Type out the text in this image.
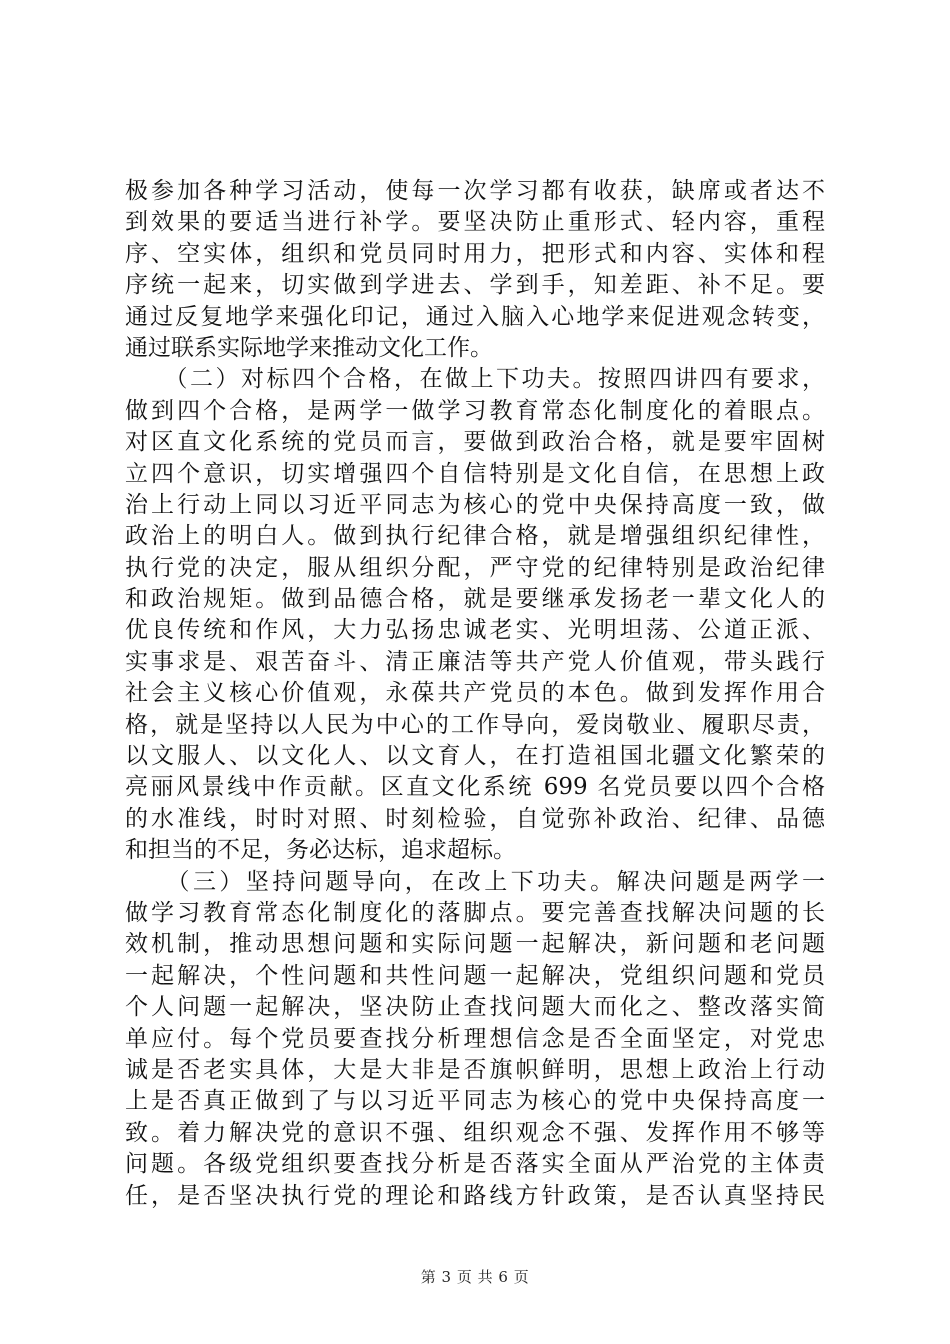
极参加各种学习活动，使每一次学习都有收获，缺席或者达不
到效果的要适当进行补学。要坚决防止重形式、轻内容，重程
序、空实体，组织和党员同时用力，把形式和内容、实体和程
序统一起来，切实做到学进去、学到手，知差距、补不足。要
通过反复地学来强化印记，通过入脑入心地学来促进观念转变，
通过联系实际地学来推动文化工作。
　　（二）对标四个合格，在做上下功夫。按照四讲四有要求，
做到四个合格，是两学一做学习教育常态化制度化的着眼点。
对区直文化系统的党员而言，要做到政治合格，就是要牢固树
立四个意识，切实增强四个自信特别是文化自信，在思想上政
治上行动上同以习近平同志为核心的党中央保持高度一致，做
政治上的明白人。做到执行纪律合格，就是增强组织纪律性，
执行党的决定，服从组织分配，严守党的纪律特别是政治纪律
和政治规矩。做到品德合格，就是要继承发扬老一辈文化人的
优良传统和作风，大力弘扬忠诚老实、光明坦荡、公道正派、
实事求是、艰苦奋斗、清正廉洁等共产党人价值观，带头践行
社会主义核心价值观，永葆共产党员的本色。做到发挥作用合
格，就是坚持以人民为中心的工作导向，爱岗敬业、履职尽责，
以文服人、以文化人、以文育人，在打造祖国北疆文化繁荣的
亮丽风景线中作贡献。区直文化系统 699 名党员要以四个合格
的水准线，时时对照、时刻检验，自觉弥补政治、纪律、品德
和担当的不足，务必达标，追求超标。
　　（三）坚持问题导向，在改上下功夫。解决问题是两学一
做学习教育常态化制度化的落脚点。要完善查找解决问题的长
效机制，推动思想问题和实际问题一起解决，新问题和老问题
一起解决，个性问题和共性问题一起解决，党组织问题和党员
个人问题一起解决，坚决防止查找问题大而化之、整改落实简
单应付。每个党员要查找分析理想信念是否全面坚定，对党忠
诚是否老实具体，大是大非是否旗帜鲜明，思想上政治上行动
上是否真正做到了与以习近平同志为核心的党中央保持高度一
致。着力解决党的意识不强、组织观念不强、发挥作用不够等
问题。各级党组织要查找分析是否落实全面从严治党的主体责
任，是否坚决执行党的理论和路线方针政策，是否认真坚持民
第 3 页 共 6 页
